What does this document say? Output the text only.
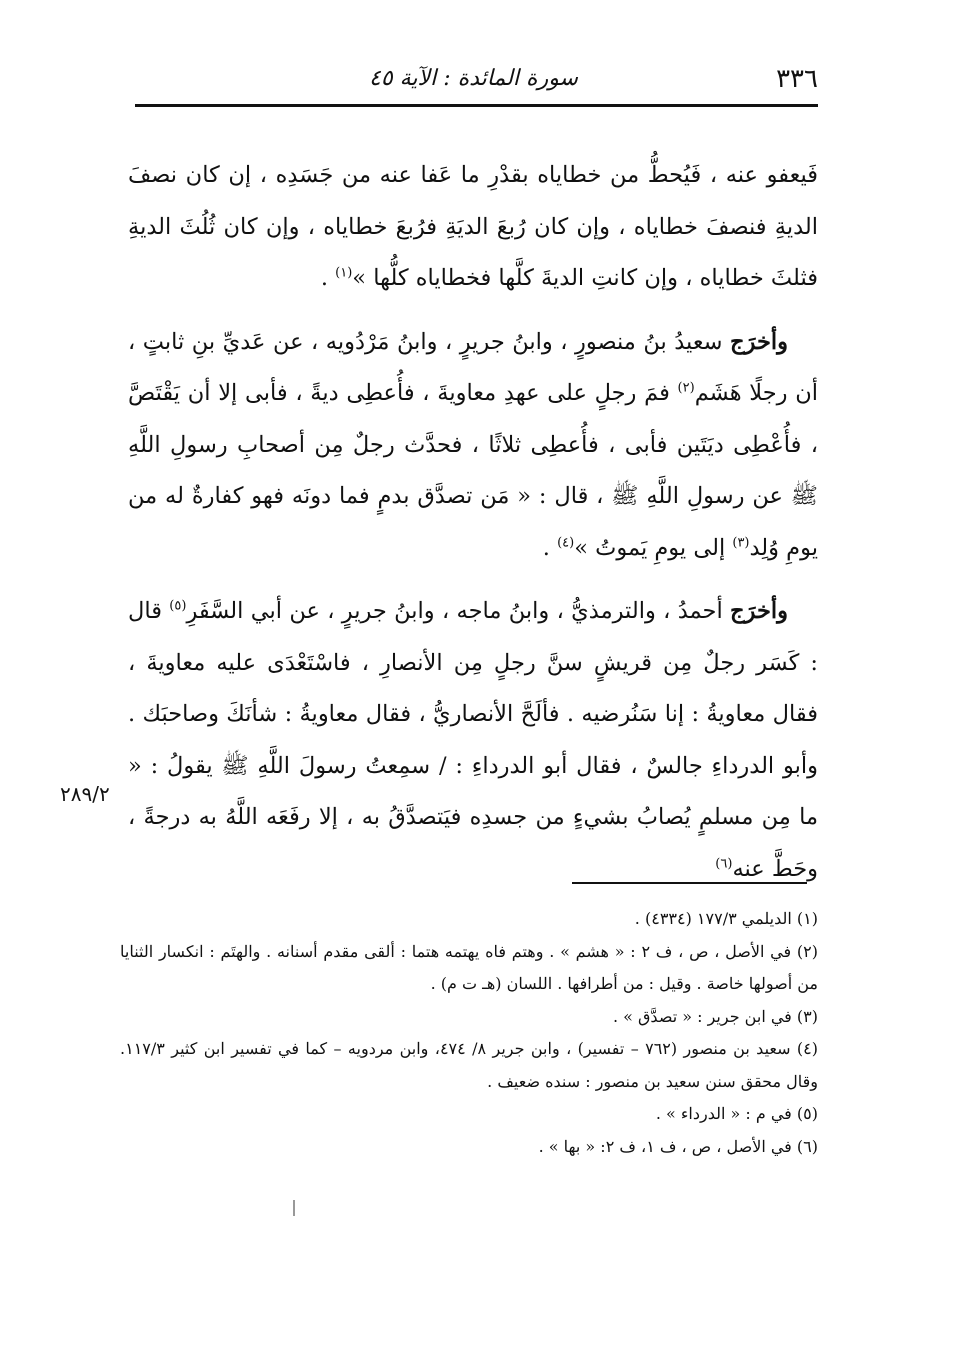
٣٣٦
سورة المائدة : الآية ٤٥

فَيعفو عنه ، فَيُحطُّ من خطاياه بقدْرِ ما عَفا عنه من جَسَدِه ، إن كان نصفَ الديةِ فنصفَ خطاياه ، وإن كان رُبعَ الديَةِ فرُبعَ خطاياه ، وإن كان ثُلُثَ الديةِ فثلثَ خطاياه ، وإن كانتِ الديةَ كلَّها فخطاياه كلُّها »$^{(١)}$ .

وأخرَج سعيدُ بنُ منصورٍ ، وابنُ جريرٍ ، وابنُ مَرْدُويه ، عن عَديِّ بنِ ثابتٍ ، أن رجلًا هَشَم$^{(٢)}$ فمَ رجلٍ على عهدِ معاويةَ ، فأُعطِى ديةً ، فأبى إلا أن يَقْتَصَّ ، فأُعْطِى ديَتَين فأبى ، فأُعطِى ثلاثًا ، فحدَّث رجلٌ مِن أصحابِ رسولِ اللَّهِ ﷺ عن رسولِ اللَّهِ ﷺ ، قال : « مَن تصدَّق بدمٍ فما دونَه فهو كفارةٌ له من يومِ وُلِد$^{(٣)}$ إلى يومِ يَموتُ »$^{(٤)}$ .

وأخرَج أحمدُ ، والترمذيُّ ، وابنُ ماجه ، وابنُ جريرٍ ، عن أبي السَّفَرِ$^{(٥)}$ قال : كَسَر رجلٌ مِن قريشٍ سنَّ رجلٍ مِن الأنصارِ ، فاسْتَعْدَى عليه معاويةَ ، فقال معاويةُ : إنا سَنُرضيه . فألَحَّ الأنصاريُّ ، فقال معاويةُ : شأنَكَ وصاحبَك . وأبو الدرداءِ جالسٌ ، فقال أبو الدرداءِ : / سمِعتُ رسولَ اللَّهِ ﷺ يقولُ : « ما مِن مسلمٍ يُصابُ بشيءٍ من جسدِه فيَتصدَّقُ به ، إلا رفَعَه اللَّهُ به درجةً ، وحَطَّ عنه$^{(٦)}$

٢٨٩/٢

(١) الديلمي ١٧٧/٣ (٤٣٣٤) .

(٢) في الأصل ، ص ، ف ٢ : « هشم » . وهتم فاه يهتمه هتما : ألقى مقدم أسنانه . والهتَم : انكسار الثنايا من أصولها خاصة . وقيل : من أطرافها . اللسان (هـ ت م) .

(٣) في ابن جرير : « تصدَّق » .

(٤) سعيد بن منصور (٧٦٢ – تفسير) ، وابن جرير ٨/ ٤٧٤، وابن مردويه – كما في تفسير ابن كثير ١١٧/٣. وقال محقق سنن سعيد بن منصور : سنده ضعيف .

(٥) في م : « الدرداء » .

(٦) في الأصل ، ص ، ف ١، ف ٢: « بها » .
